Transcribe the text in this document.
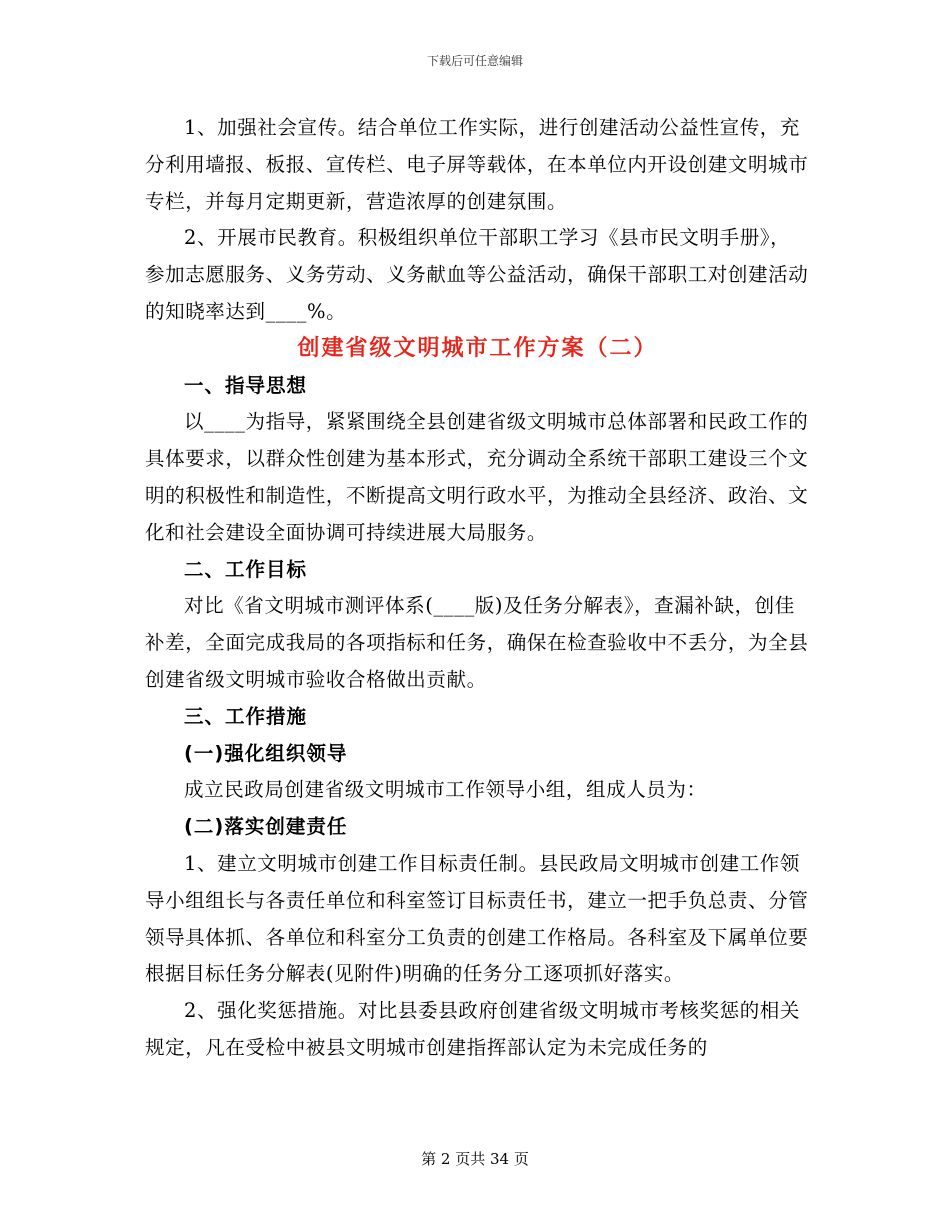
下载后可任意编辑

1、加强社会宣传。结合单位工作实际，进行创建活动公益性宣传，充分利用墙报、板报、宣传栏、电子屏等载体，在本单位内开设创建文明城市专栏，并每月定期更新，营造浓厚的创建氛围。

2、开展市民教育。积极组织单位干部职工学习《县市民文明手册》，参加志愿服务、义务劳动、义务献血等公益活动，确保干部职工对创建活动的知晓率达到____%。

创建省级文明城市工作方案（二）

一、指导思想

以____为指导，紧紧围绕全县创建省级文明城市总体部署和民政工作的具体要求，以群众性创建为基本形式，充分调动全系统干部职工建设三个文明的积极性和制造性，不断提高文明行政水平，为推动全县经济、政治、文化和社会建设全面协调可持续进展大局服务。

二、工作目标

对比《省文明城市测评体系(____版)及任务分解表》，查漏补缺，创佳补差，全面完成我局的各项指标和任务，确保在检查验收中不丢分，为全县创建省级文明城市验收合格做出贡献。

三、工作措施

(一)强化组织领导

成立民政局创建省级文明城市工作领导小组，组成人员为：

(二)落实创建责任

1、建立文明城市创建工作目标责任制。县民政局文明城市创建工作领导小组组长与各责任单位和科室签订目标责任书，建立一把手负总责、分管领导具体抓、各单位和科室分工负责的创建工作格局。各科室及下属单位要根据目标任务分解表(见附件)明确的任务分工逐项抓好落实。

2、强化奖惩措施。对比县委县政府创建省级文明城市考核奖惩的相关规定，凡在受检中被县文明城市创建指挥部认定为未完成任务的

第 2 页共 34 页
